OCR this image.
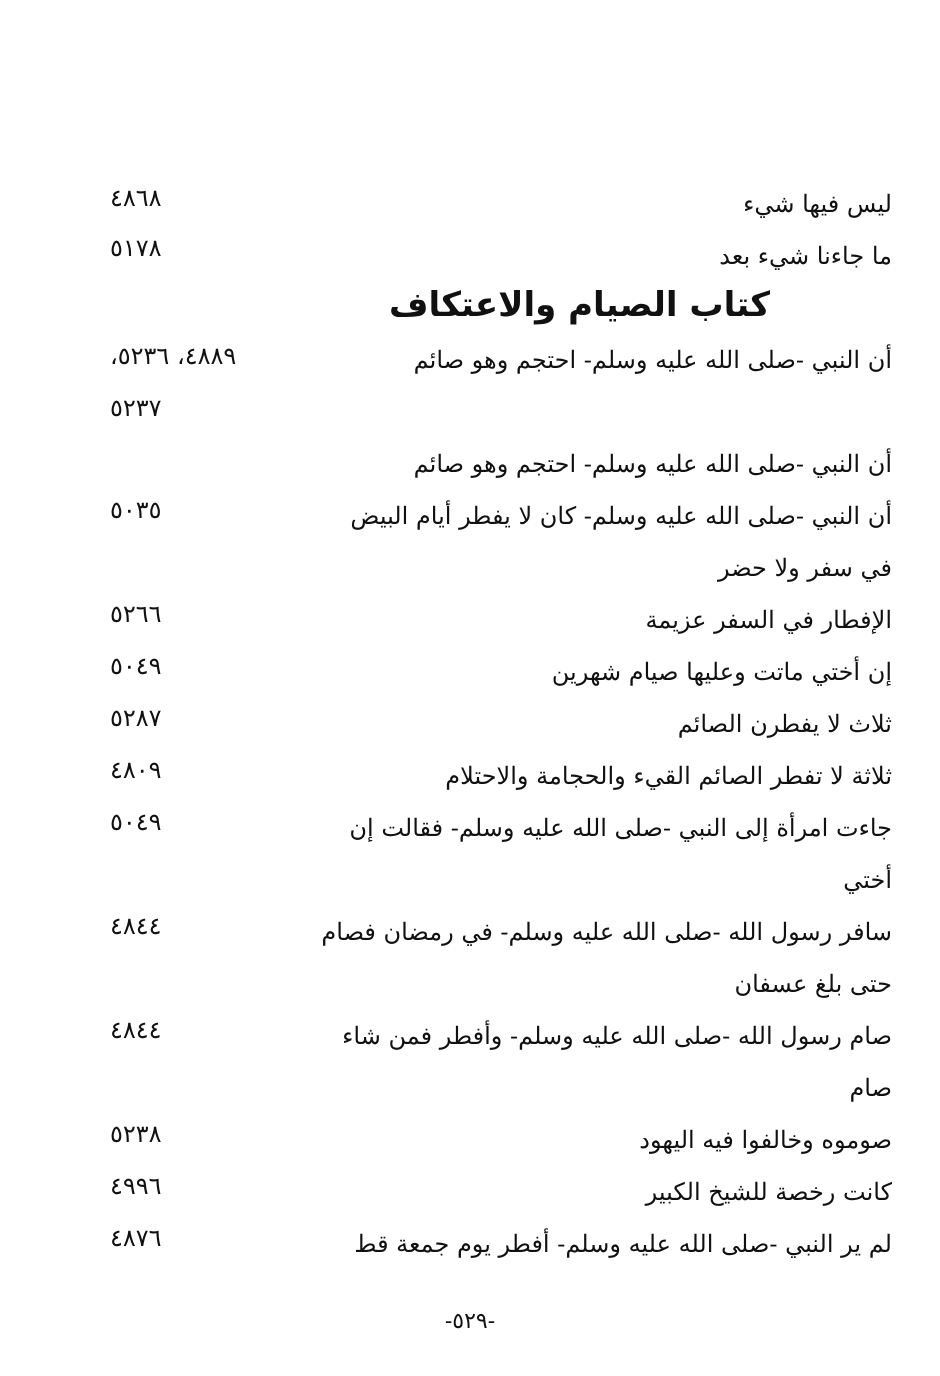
ليس فيها شيء
٤٨٦٨
ما جاءنا شيء بعد
٥١٧٨
كتاب الصيام والاعتكاف
أن النبي -صلى الله عليه وسلم- احتجم وهو صائم
٤٨٨٩، ٥٢٣٦،
٥٢٣٧
أن النبي -صلى الله عليه وسلم- احتجم وهو صائم
أن النبي -صلى الله عليه وسلم- كان لا يفطر أيام البيض
٥٠٣٥
في سفر ولا حضر
الإفطار في السفر عزيمة
٥٢٦٦
إن أختي ماتت وعليها صيام شهرين
٥٠٤٩
ثلاث لا يفطرن الصائم
٥٢٨٧
ثلاثة لا تفطر الصائم القيء والحجامة والاحتلام
٤٨٠٩
جاءت امرأة إلى النبي -صلى الله عليه وسلم- فقالت إن
٥٠٤٩
أختي
سافر رسول الله -صلى الله عليه وسلم- في رمضان فصام
٤٨٤٤
حتى بلغ عسفان
صام رسول الله -صلى الله عليه وسلم- وأفطر فمن شاء
٤٨٤٤
صام
صوموه وخالفوا فيه اليهود
٥٢٣٨
كانت رخصة للشيخ الكبير
٤٩٩٦
لم ير النبي -صلى الله عليه وسلم- أفطر يوم جمعة قط
٤٨٧٦
-٥٢٩-
